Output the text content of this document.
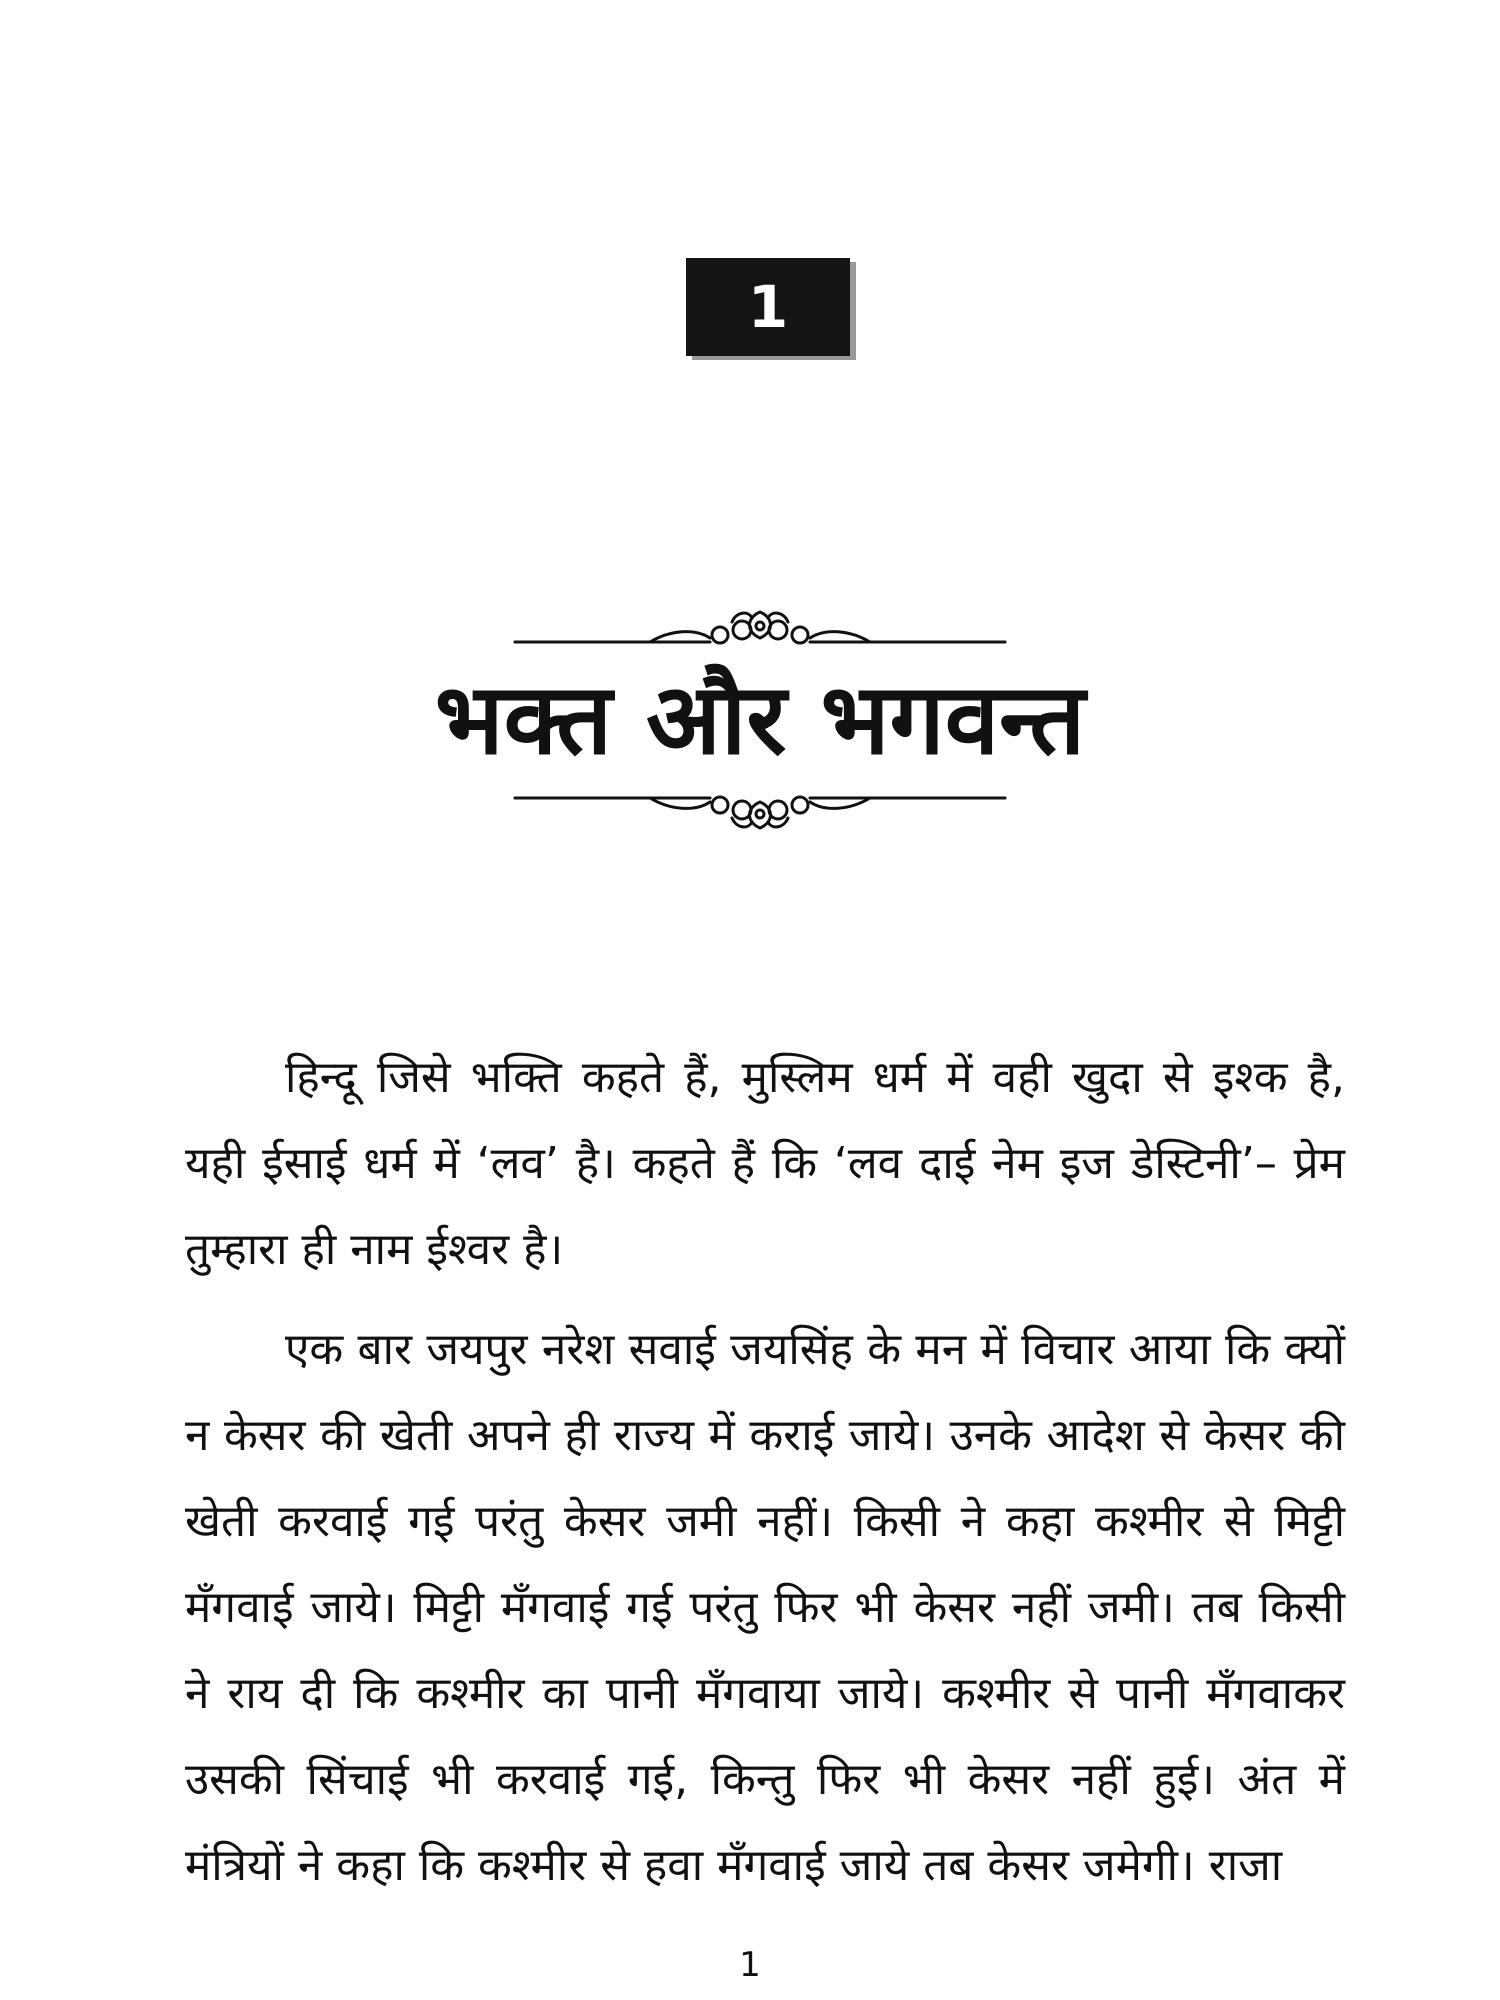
1
भक्त और भगवन्त

हिन्दू जिसे भक्ति कहते हैं, मुस्लिम धर्म में वही खुदा से इश्क है, यही ईसाई धर्म में ‘लव’ है। कहते हैं कि ‘लव दाई नेम इज डेस्टिनी’– प्रेम तुम्हारा ही नाम ईश्वर है।

एक बार जयपुर नरेश सवाई जयसिंह के मन में विचार आया कि क्यों न केसर की खेती अपने ही राज्य में कराई जाये। उनके आदेश से केसर की खेती करवाई गई परंतु केसर जमी नहीं। किसी ने कहा कश्मीर से मिट्टी मँगवाई जाये। मिट्टी मँगवाई गई परंतु फिर भी केसर नहीं जमी। तब किसी ने राय दी कि कश्मीर का पानी मँगवाया जाये। कश्मीर से पानी मँगवाकर उसकी सिंचाई भी करवाई गई, किन्तु फिर भी केसर नहीं हुई। अंत में मंत्रियों ने कहा कि कश्मीर से हवा मँगवाई जाये तब केसर जमेगी। राजा

1
